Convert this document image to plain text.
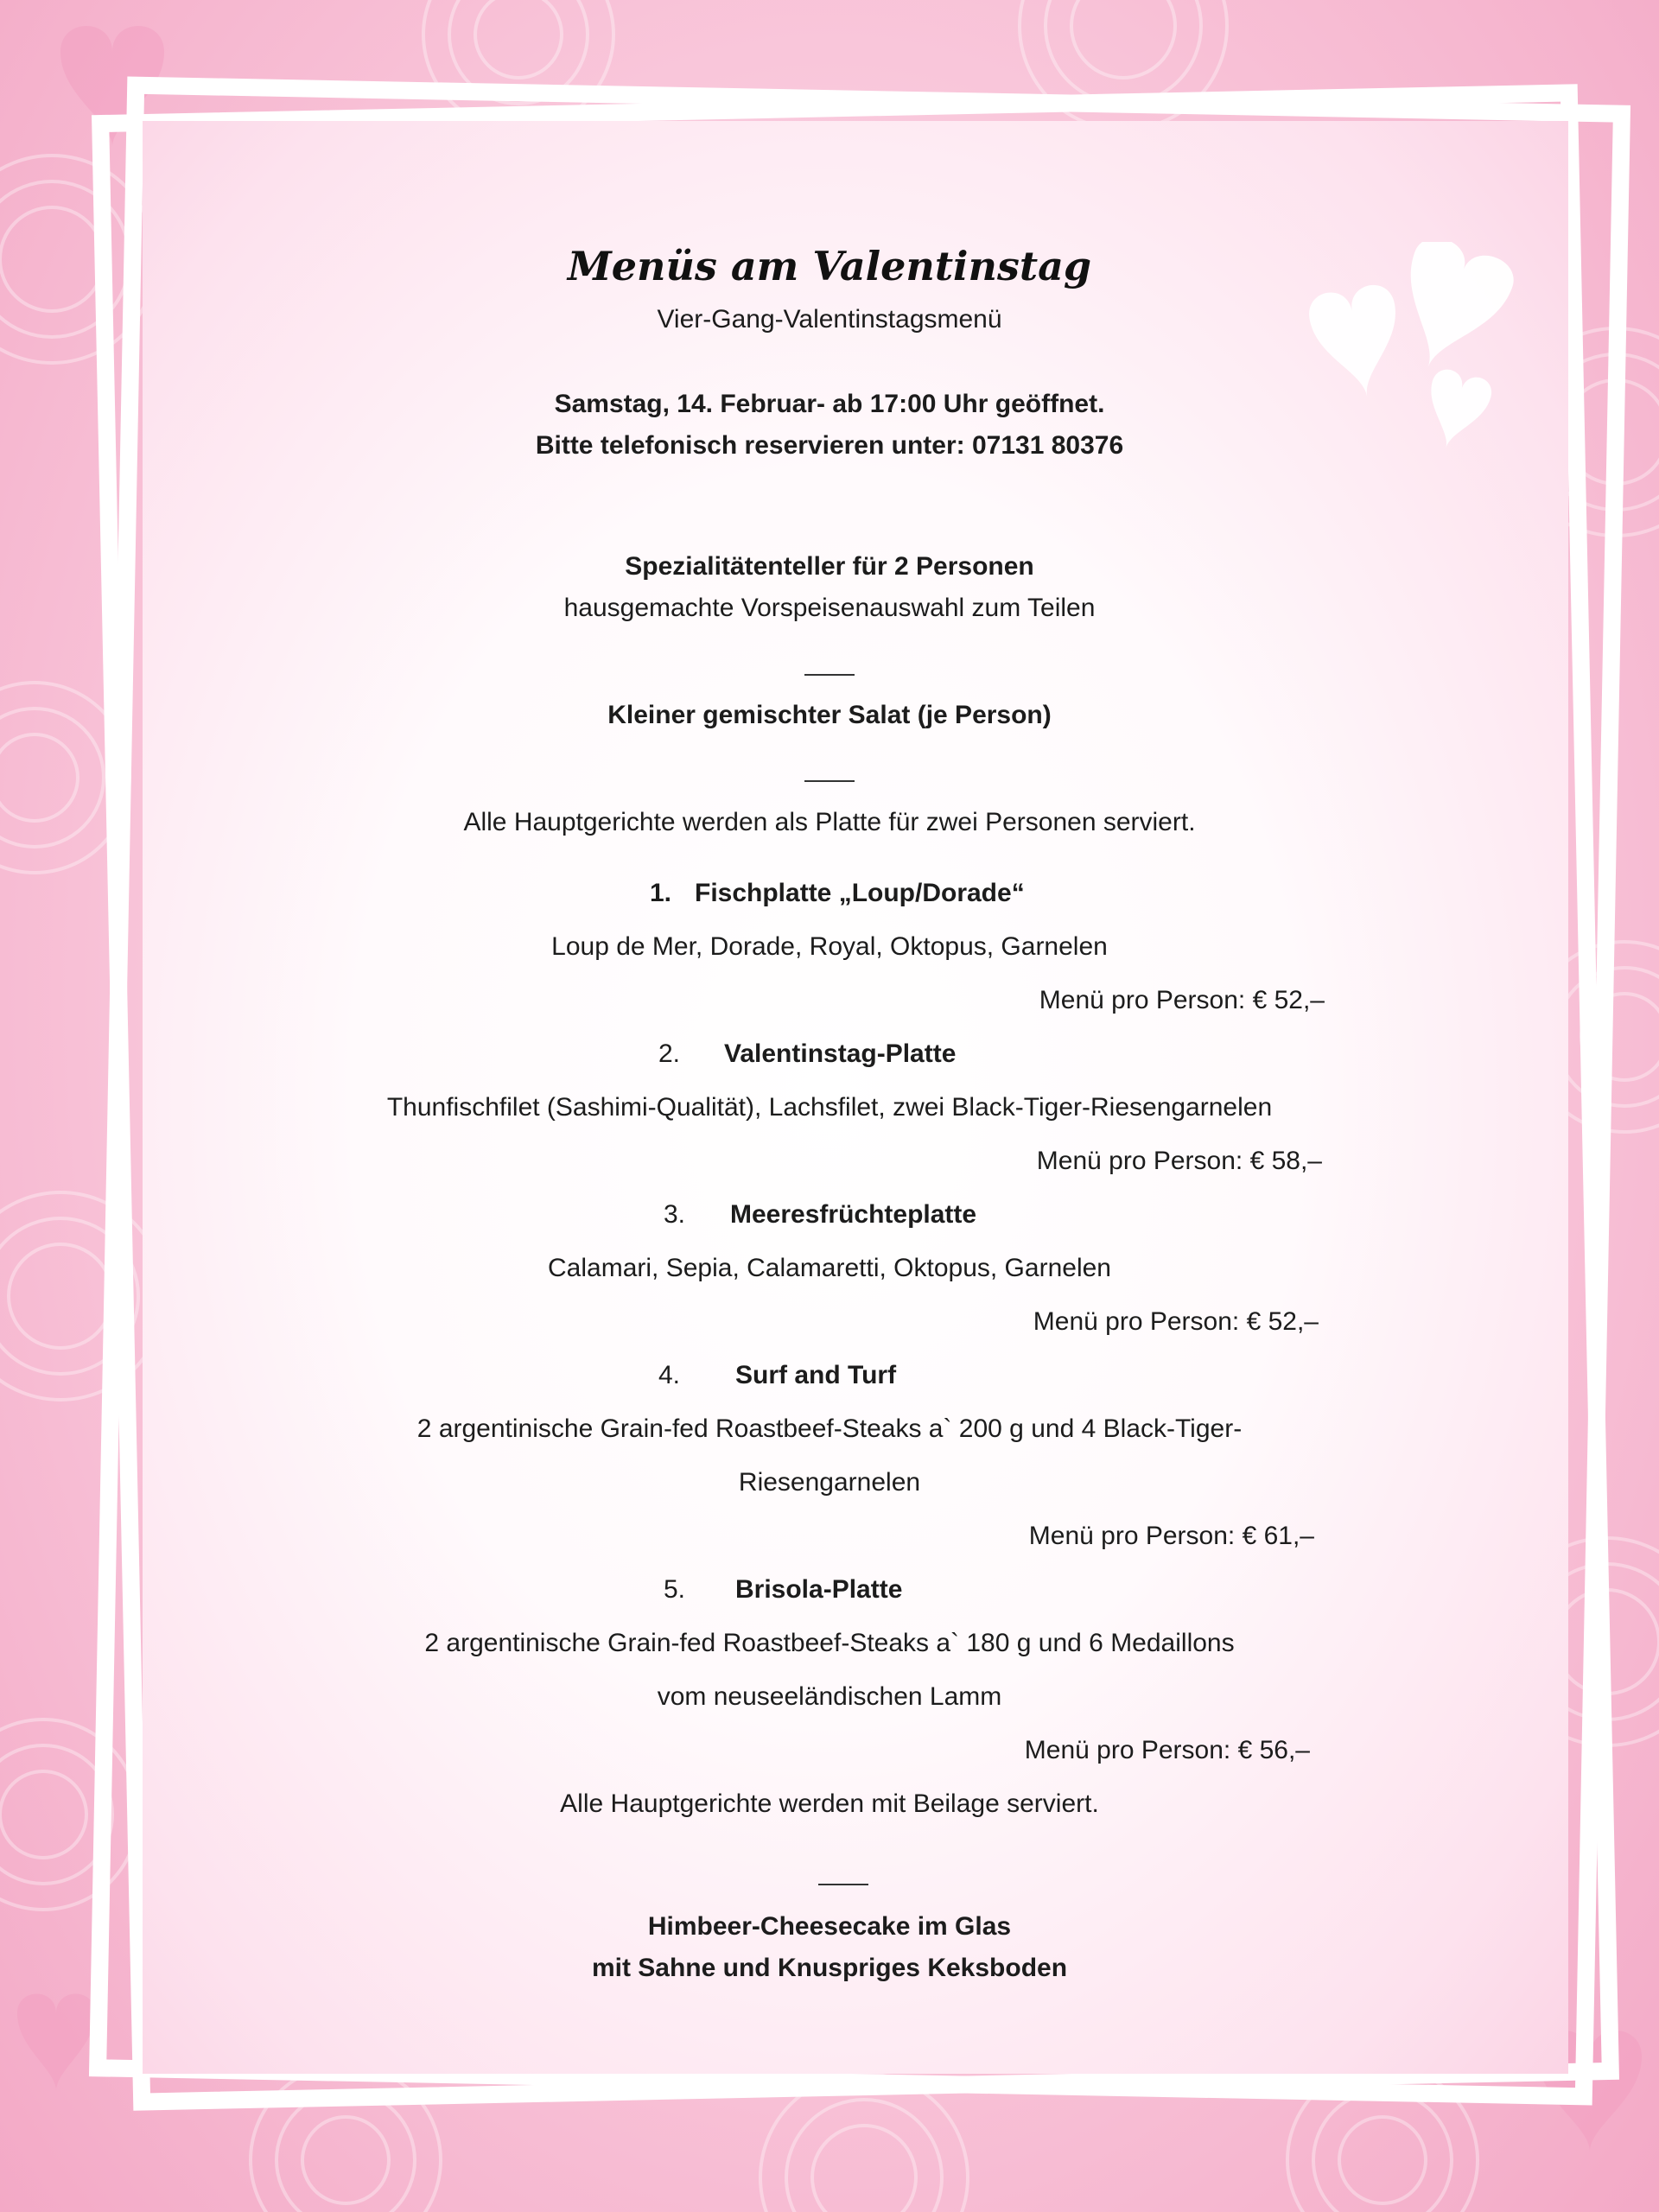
Menüs am Valentinstag
Vier-Gang-Valentinstagsmenü
Samstag, 14. Februar- ab 17:00 Uhr geöffnet.
Bitte telefonisch reservieren unter: 07131 80376
Spezialitätenteller für 2 Personen
hausgemachte Vorspeisenauswahl zum Teilen
Kleiner gemischter Salat (je Person)
Alle Hauptgerichte werden als Platte für zwei Personen serviert.
1. Fischplatte „Loup/Dorade“
Loup de Mer, Dorade, Royal, Oktopus, Garnelen
Menü pro Person: € 52,–
2. Valentinstag-Platte
Thunfischfilet (Sashimi-Qualität), Lachsfilet, zwei Black-Tiger-Riesengarnelen
Menü pro Person: € 58,–
3. Meeresfrüchteplatte
Calamari, Sepia, Calamaretti, Oktopus, Garnelen
Menü pro Person: € 52,–
4. Surf and Turf
2 argentinische Grain-fed Roastbeef-Steaks a` 200 g und 4 Black-Tiger-
Riesengarnelen
Menü pro Person: € 61,–
5. Brisola-Platte
2 argentinische Grain-fed Roastbeef-Steaks a` 180 g und 6 Medaillons
vom neuseeländischen Lamm
Menü pro Person: € 56,–
Alle Hauptgerichte werden mit Beilage serviert.
Himbeer-Cheesecake im Glas
mit Sahne und Knuspriges Keksboden
